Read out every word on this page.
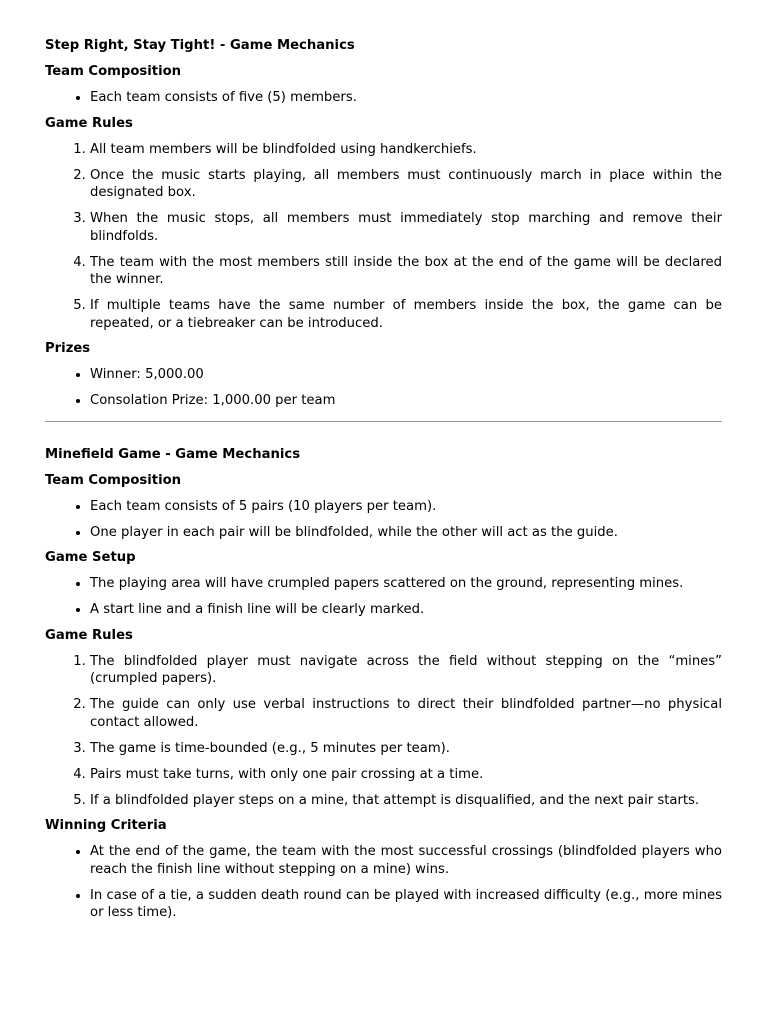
Step Right, Stay Tight! - Game Mechanics

Team Composition

• Each team consists of five (5) members.

Game Rules

1. All team members will be blindfolded using handkerchiefs.
2. Once the music starts playing, all members must continuously march in place within the designated box.
3. When the music stops, all members must immediately stop marching and remove their blindfolds.
4. The team with the most members still inside the box at the end of the game will be declared the winner.
5. If multiple teams have the same number of members inside the box, the game can be repeated, or a tiebreaker can be introduced.

Prizes

• Winner: 5,000.00
• Consolation Prize: 1,000.00 per team

Minefield Game - Game Mechanics

Team Composition

• Each team consists of 5 pairs (10 players per team).
• One player in each pair will be blindfolded, while the other will act as the guide.

Game Setup

• The playing area will have crumpled papers scattered on the ground, representing mines.
• A start line and a finish line will be clearly marked.

Game Rules

1. The blindfolded player must navigate across the field without stepping on the “mines” (crumpled papers).
2. The guide can only use verbal instructions to direct their blindfolded partner—no physical contact allowed.
3. The game is time-bounded (e.g., 5 minutes per team).
4. Pairs must take turns, with only one pair crossing at a time.
5. If a blindfolded player steps on a mine, that attempt is disqualified, and the next pair starts.

Winning Criteria

• At the end of the game, the team with the most successful crossings (blindfolded players who reach the finish line without stepping on a mine) wins.
• In case of a tie, a sudden death round can be played with increased difficulty (e.g., more mines or less time).
